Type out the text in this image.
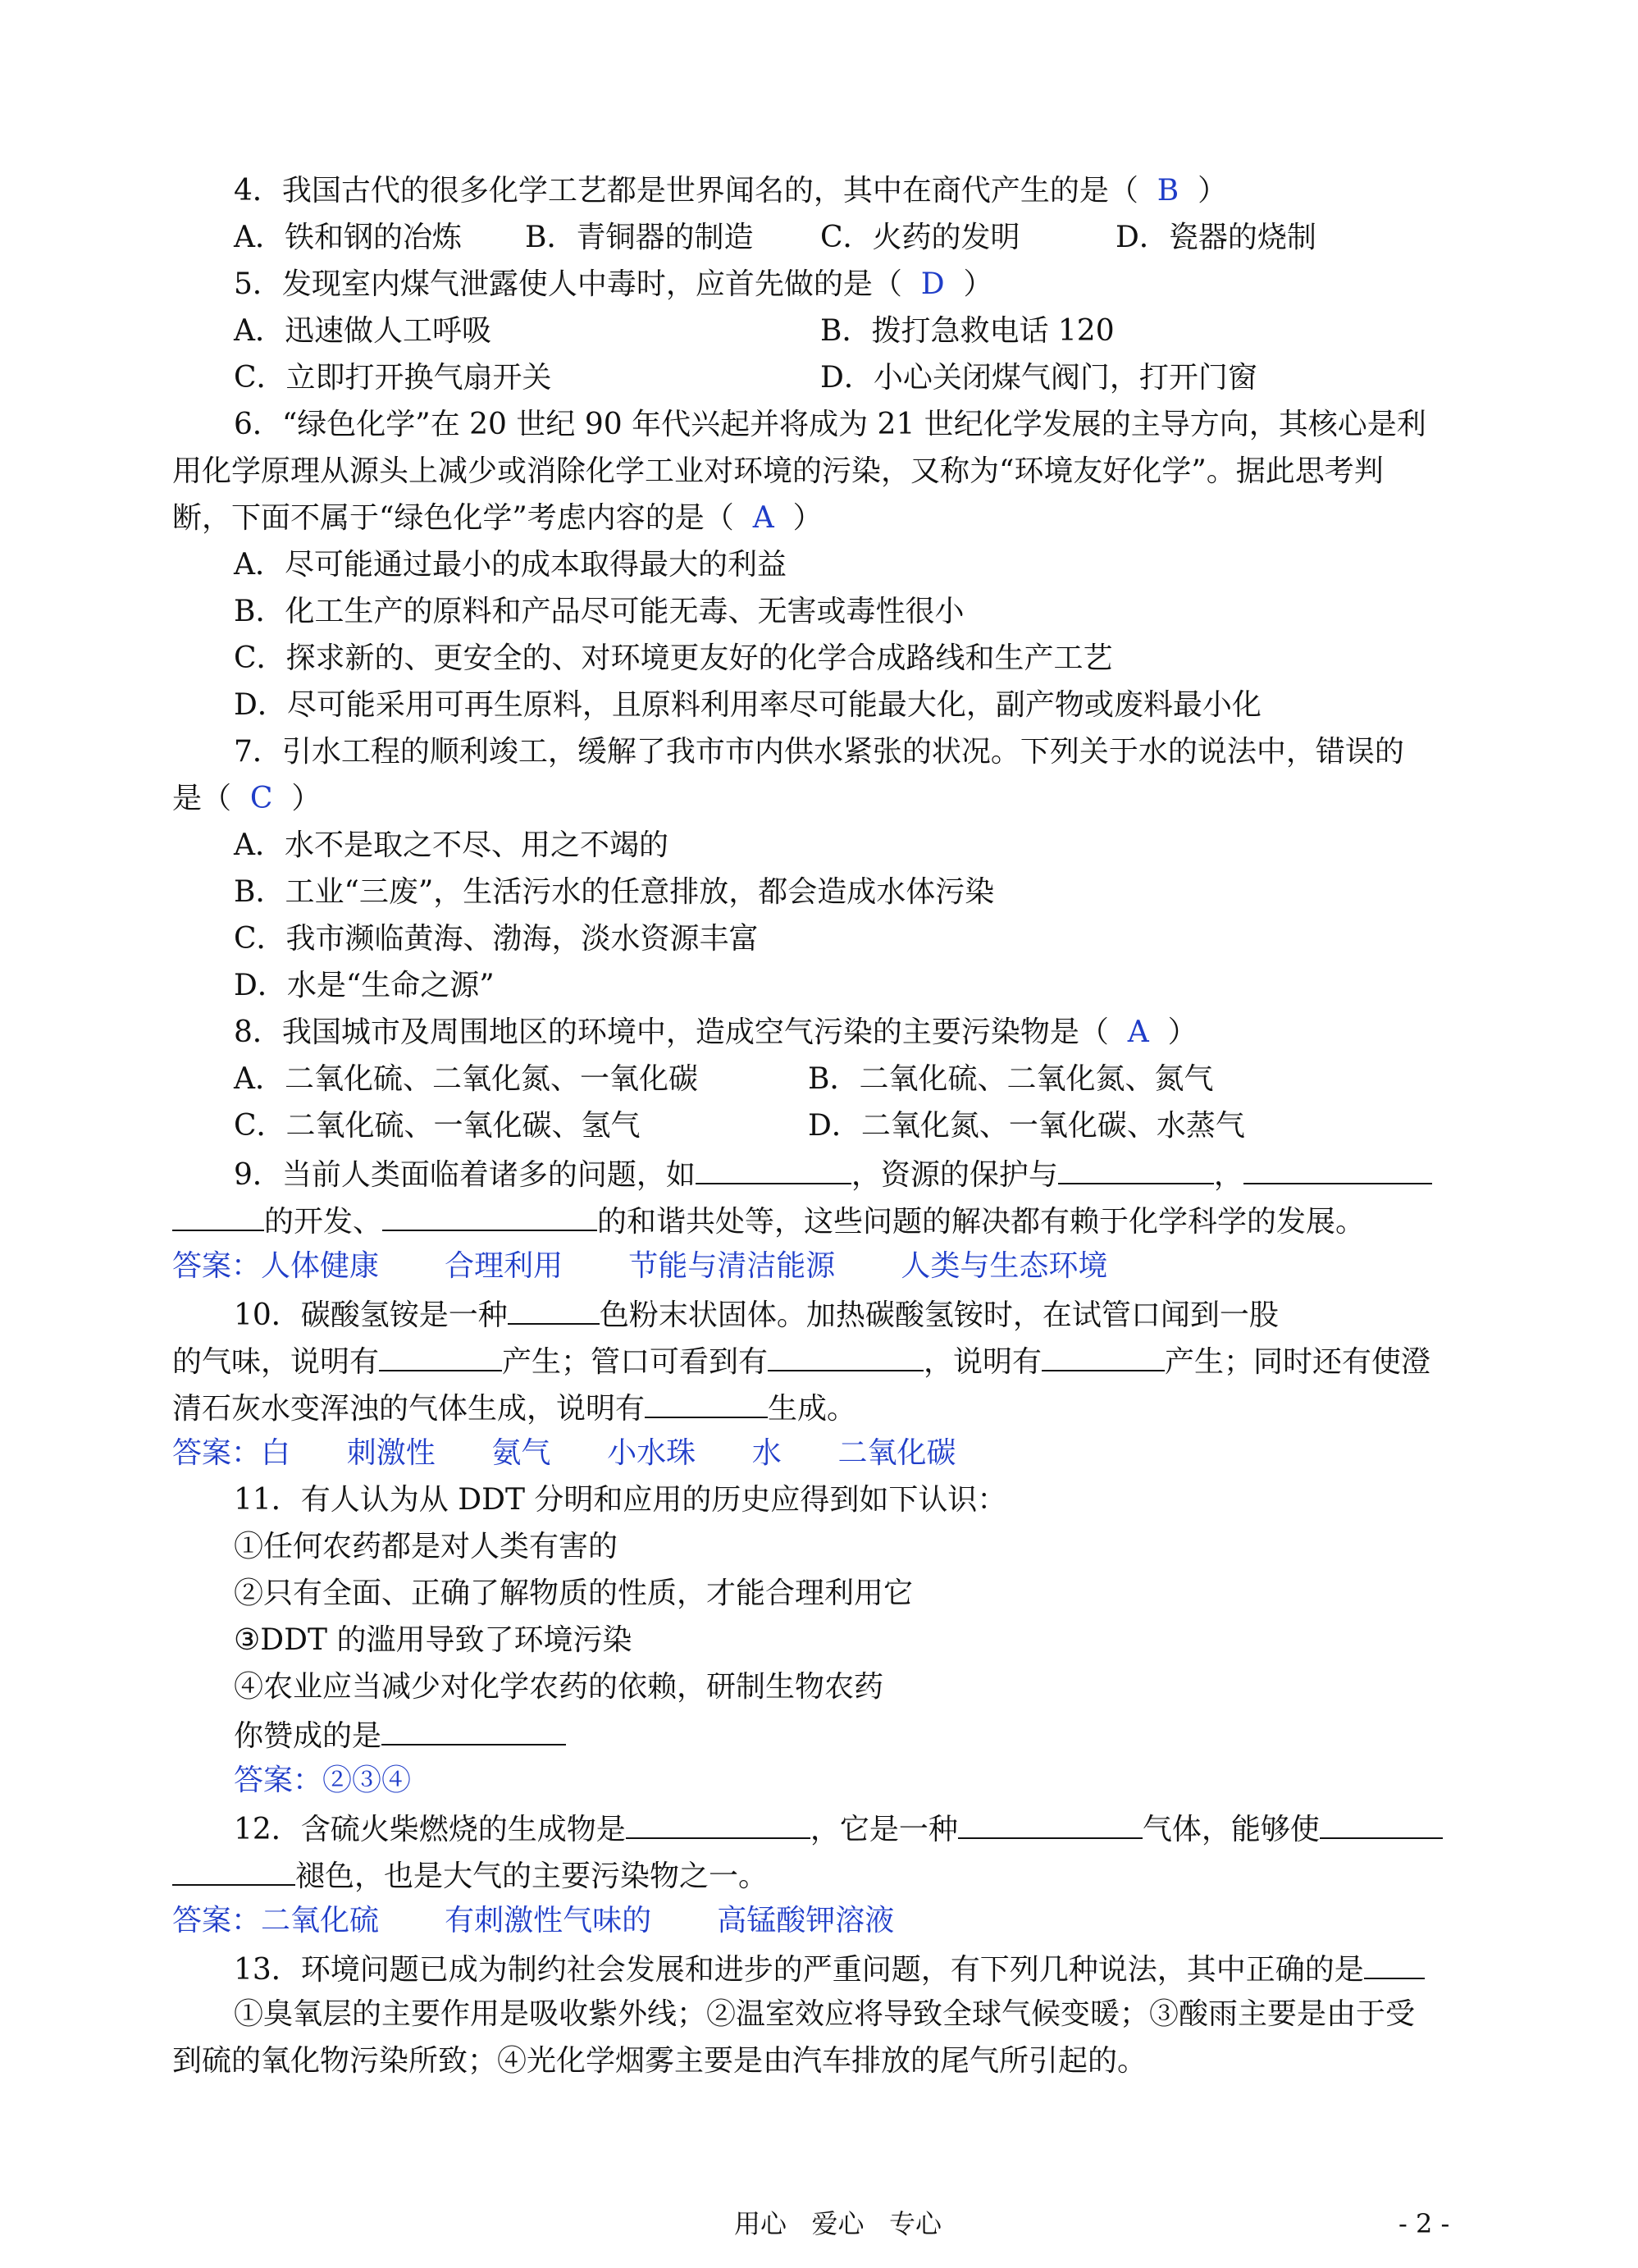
4．我国古代的很多化学工艺都是世界闻名的，其中在商代产生的是（  B  ）
A．铁和钢的冶炼 B．青铜器的制造 C．火药的发明	D．瓷器的烧制
5．发现室内煤气泄露使人中毒时，应首先做的是（  D  ）
A．迅速做人工呼吸	B．拨打急救电话 120
C．立即打开换气扇开关	D．小心关闭煤气阀门，打开门窗
6．“绿色化学”在 20 世纪 90 年代兴起并将成为 21 世纪化学发展的主导方向，其核心是利
用化学原理从源头上减少或消除化学工业对环境的污染，又称为“环境友好化学”。据此思考判
断，下面不属于“绿色化学”考虑内容的是（  A  ）
A．尽可能通过最小的成本取得最大的利益
B．化工生产的原料和产品尽可能无毒、无害或毒性很小
C．探求新的、更安全的、对环境更友好的化学合成路线和生产工艺
D．尽可能采用可再生原料，且原料利用率尽可能最大化，副产物或废料最小化
7．引水工程的顺利竣工，缓解了我市市内供水紧张的状况。下列关于水的说法中，错误的
是（  C  ）
A．水不是取之不尽、用之不竭的
B．工业“三废”，生活污水的任意排放，都会造成水体污染
C．我市濒临黄海、渤海，淡水资源丰富
D．水是“生命之源”
8．我国城市及周围地区的环境中，造成空气污染的主要污染物是（  A  ）
A．二氧化硫、二氧化氮、一氧化碳	B．二氧化硫、二氧化氮、氮气
C．二氧化硫、一氧化碳、氢气	D．二氧化氮、一氧化碳、水蒸气
9．当前人类面临着诸多的问题，如	，资源的保护与	，
的开发、	的和谐共处等，这些问题的解决都有赖于化学科学的发展。
答案：人体健康 合理利用 节能与清洁能源 人类与生态环境
10．碳酸氢铵是一种	色粉末状固体。加热碳酸氢铵时，在试管口闻到一股
的气味，说明有	产生；管口可看到有	，说明有	产生；同时还有使澄
清石灰水变浑浊的气体生成，说明有	生成。
答案：白 刺激性 氨气 小水珠 水 二氧化碳
11．有人认为从 DDT 分明和应用的历史应得到如下认识：
①任何农药都是对人类有害的
②只有全面、正确了解物质的性质，才能合理利用它
③DDT 的滥用导致了环境污染
④农业应当减少对化学农药的依赖，研制生物农药
你赞成的是
答案：②③④
12．含硫火柴燃烧的生成物是	，它是一种	气体，能够使
褪色，也是大气的主要污染物之一。
答案：二氧化硫 有刺激性气味的 高锰酸钾溶液
13．环境问题已成为制约社会发展和进步的严重问题，有下列几种说法，其中正确的是
①臭氧层的主要作用是吸收紫外线；②温室效应将导致全球气候变暖；③酸雨主要是由于受
到硫的氧化物污染所致；④光化学烟雾主要是由汽车排放的尾气所引起的。
用心   爱心   专心	- 2 -
